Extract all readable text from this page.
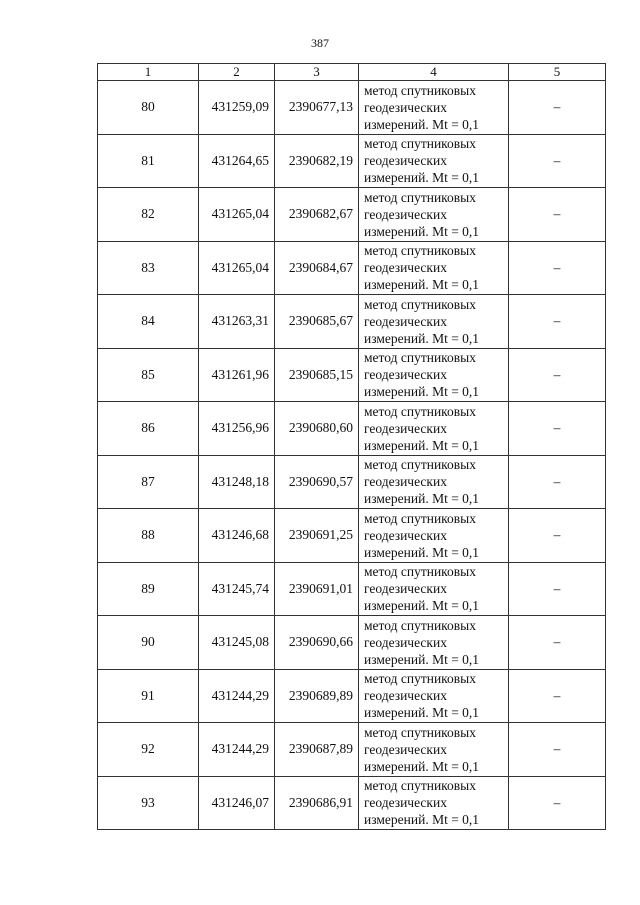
387
1	2	3	4	5
80	431259,09	2390677,13	метод спутниковых геодезических измерений. Mt = 0,1	–
81	431264,65	2390682,19	метод спутниковых геодезических измерений. Mt = 0,1	–
82	431265,04	2390682,67	метод спутниковых геодезических измерений. Mt = 0,1	–
83	431265,04	2390684,67	метод спутниковых геодезических измерений. Mt = 0,1	–
84	431263,31	2390685,67	метод спутниковых геодезических измерений. Mt = 0,1	–
85	431261,96	2390685,15	метод спутниковых геодезических измерений. Mt = 0,1	–
86	431256,96	2390680,60	метод спутниковых геодезических измерений. Mt = 0,1	–
87	431248,18	2390690,57	метод спутниковых геодезических измерений. Mt = 0,1	–
88	431246,68	2390691,25	метод спутниковых геодезических измерений. Mt = 0,1	–
89	431245,74	2390691,01	метод спутниковых геодезических измерений. Mt = 0,1	–
90	431245,08	2390690,66	метод спутниковых геодезических измерений. Mt = 0,1	–
91	431244,29	2390689,89	метод спутниковых геодезических измерений. Mt = 0,1	–
92	431244,29	2390687,89	метод спутниковых геодезических измерений. Mt = 0,1	–
93	431246,07	2390686,91	метод спутниковых геодезических измерений. Mt = 0,1	–
